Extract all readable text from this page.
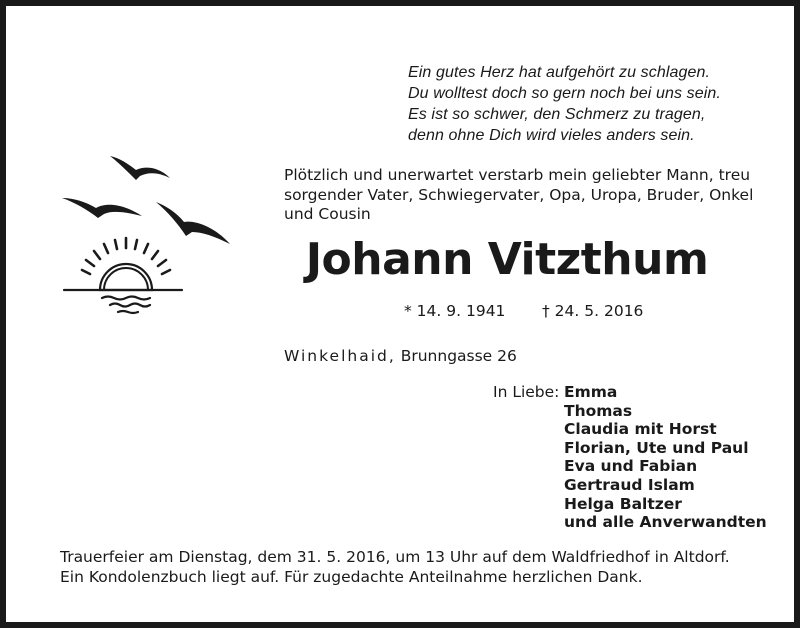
Ein gutes Herz hat aufgehört zu schlagen.
Du wolltest doch so gern noch bei uns sein.
Es ist so schwer, den Schmerz zu tragen,
denn ohne Dich wird vieles anders sein.
Plötzlich und unerwartet verstarb mein geliebter Mann, treu
sorgender Vater, Schwiegervater, Opa, Uropa, Bruder, Onkel
und Cousin
Johann Vitzthum
* 14. 9. 1941 † 24. 5. 2016
Winkelhaid, Brunngasse 26
In Liebe: Emma
Thomas
Claudia mit Horst
Florian, Ute und Paul
Eva und Fabian
Gertraud Islam
Helga Baltzer
und alle Anverwandten
Trauerfeier am Dienstag, dem 31. 5. 2016, um 13 Uhr auf dem Waldfriedhof in Altdorf.
Ein Kondolenzbuch liegt auf. Für zugedachte Anteilnahme herzlichen Dank.
